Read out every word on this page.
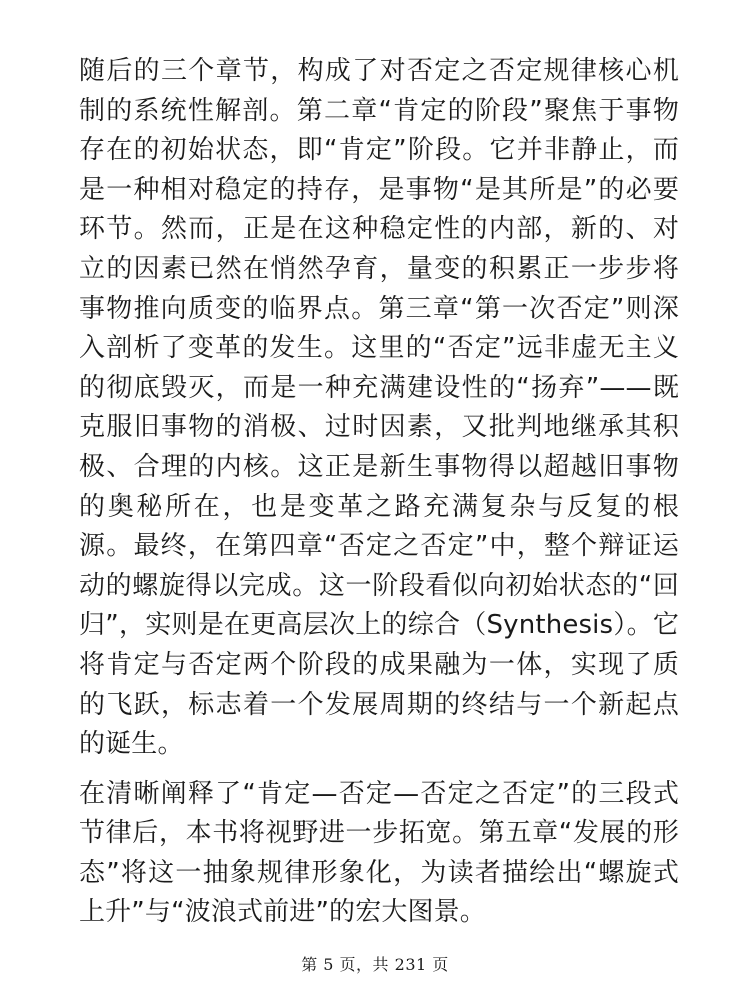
随后的三个章节，构成了对否定之否定规律核心机制的系统性解剖。第二章“肯定的阶段”聚焦于事物存在的初始状态，即“肯定”阶段。它并非静止，而是一种相对稳定的持存，是事物“是其所是”的必要环节。然而，正是在这种稳定性的内部，新的、对立的因素已然在悄然孕育，量变的积累正一步步将事物推向质变的临界点。第三章“第一次否定”则深入剖析了变革的发生。这里的“否定”远非虚无主义的彻底毁灭，而是一种充满建设性的“扬弃”——既克服旧事物的消极、过时因素，又批判地继承其积极、合理的内核。这正是新生事物得以超越旧事物的奥秘所在，也是变革之路充满复杂与反复的根源。最终，在第四章“否定之否定”中，整个辩证运动的螺旋得以完成。这一阶段看似向初始状态的“回归”，实则是在更高层次上的综合（Synthesis）。它将肯定与否定两个阶段的成果融为一体，实现了质的飞跃，标志着一个发展周期的终结与一个新起点的诞生。

在清晰阐释了“肯定—否定—否定之否定”的三段式节律后，本书将视野进一步拓宽。第五章“发展的形态”将这一抽象规律形象化，为读者描绘出“螺旋式上升”与“波浪式前进”的宏大图景。

第 5 页，共 231 页
